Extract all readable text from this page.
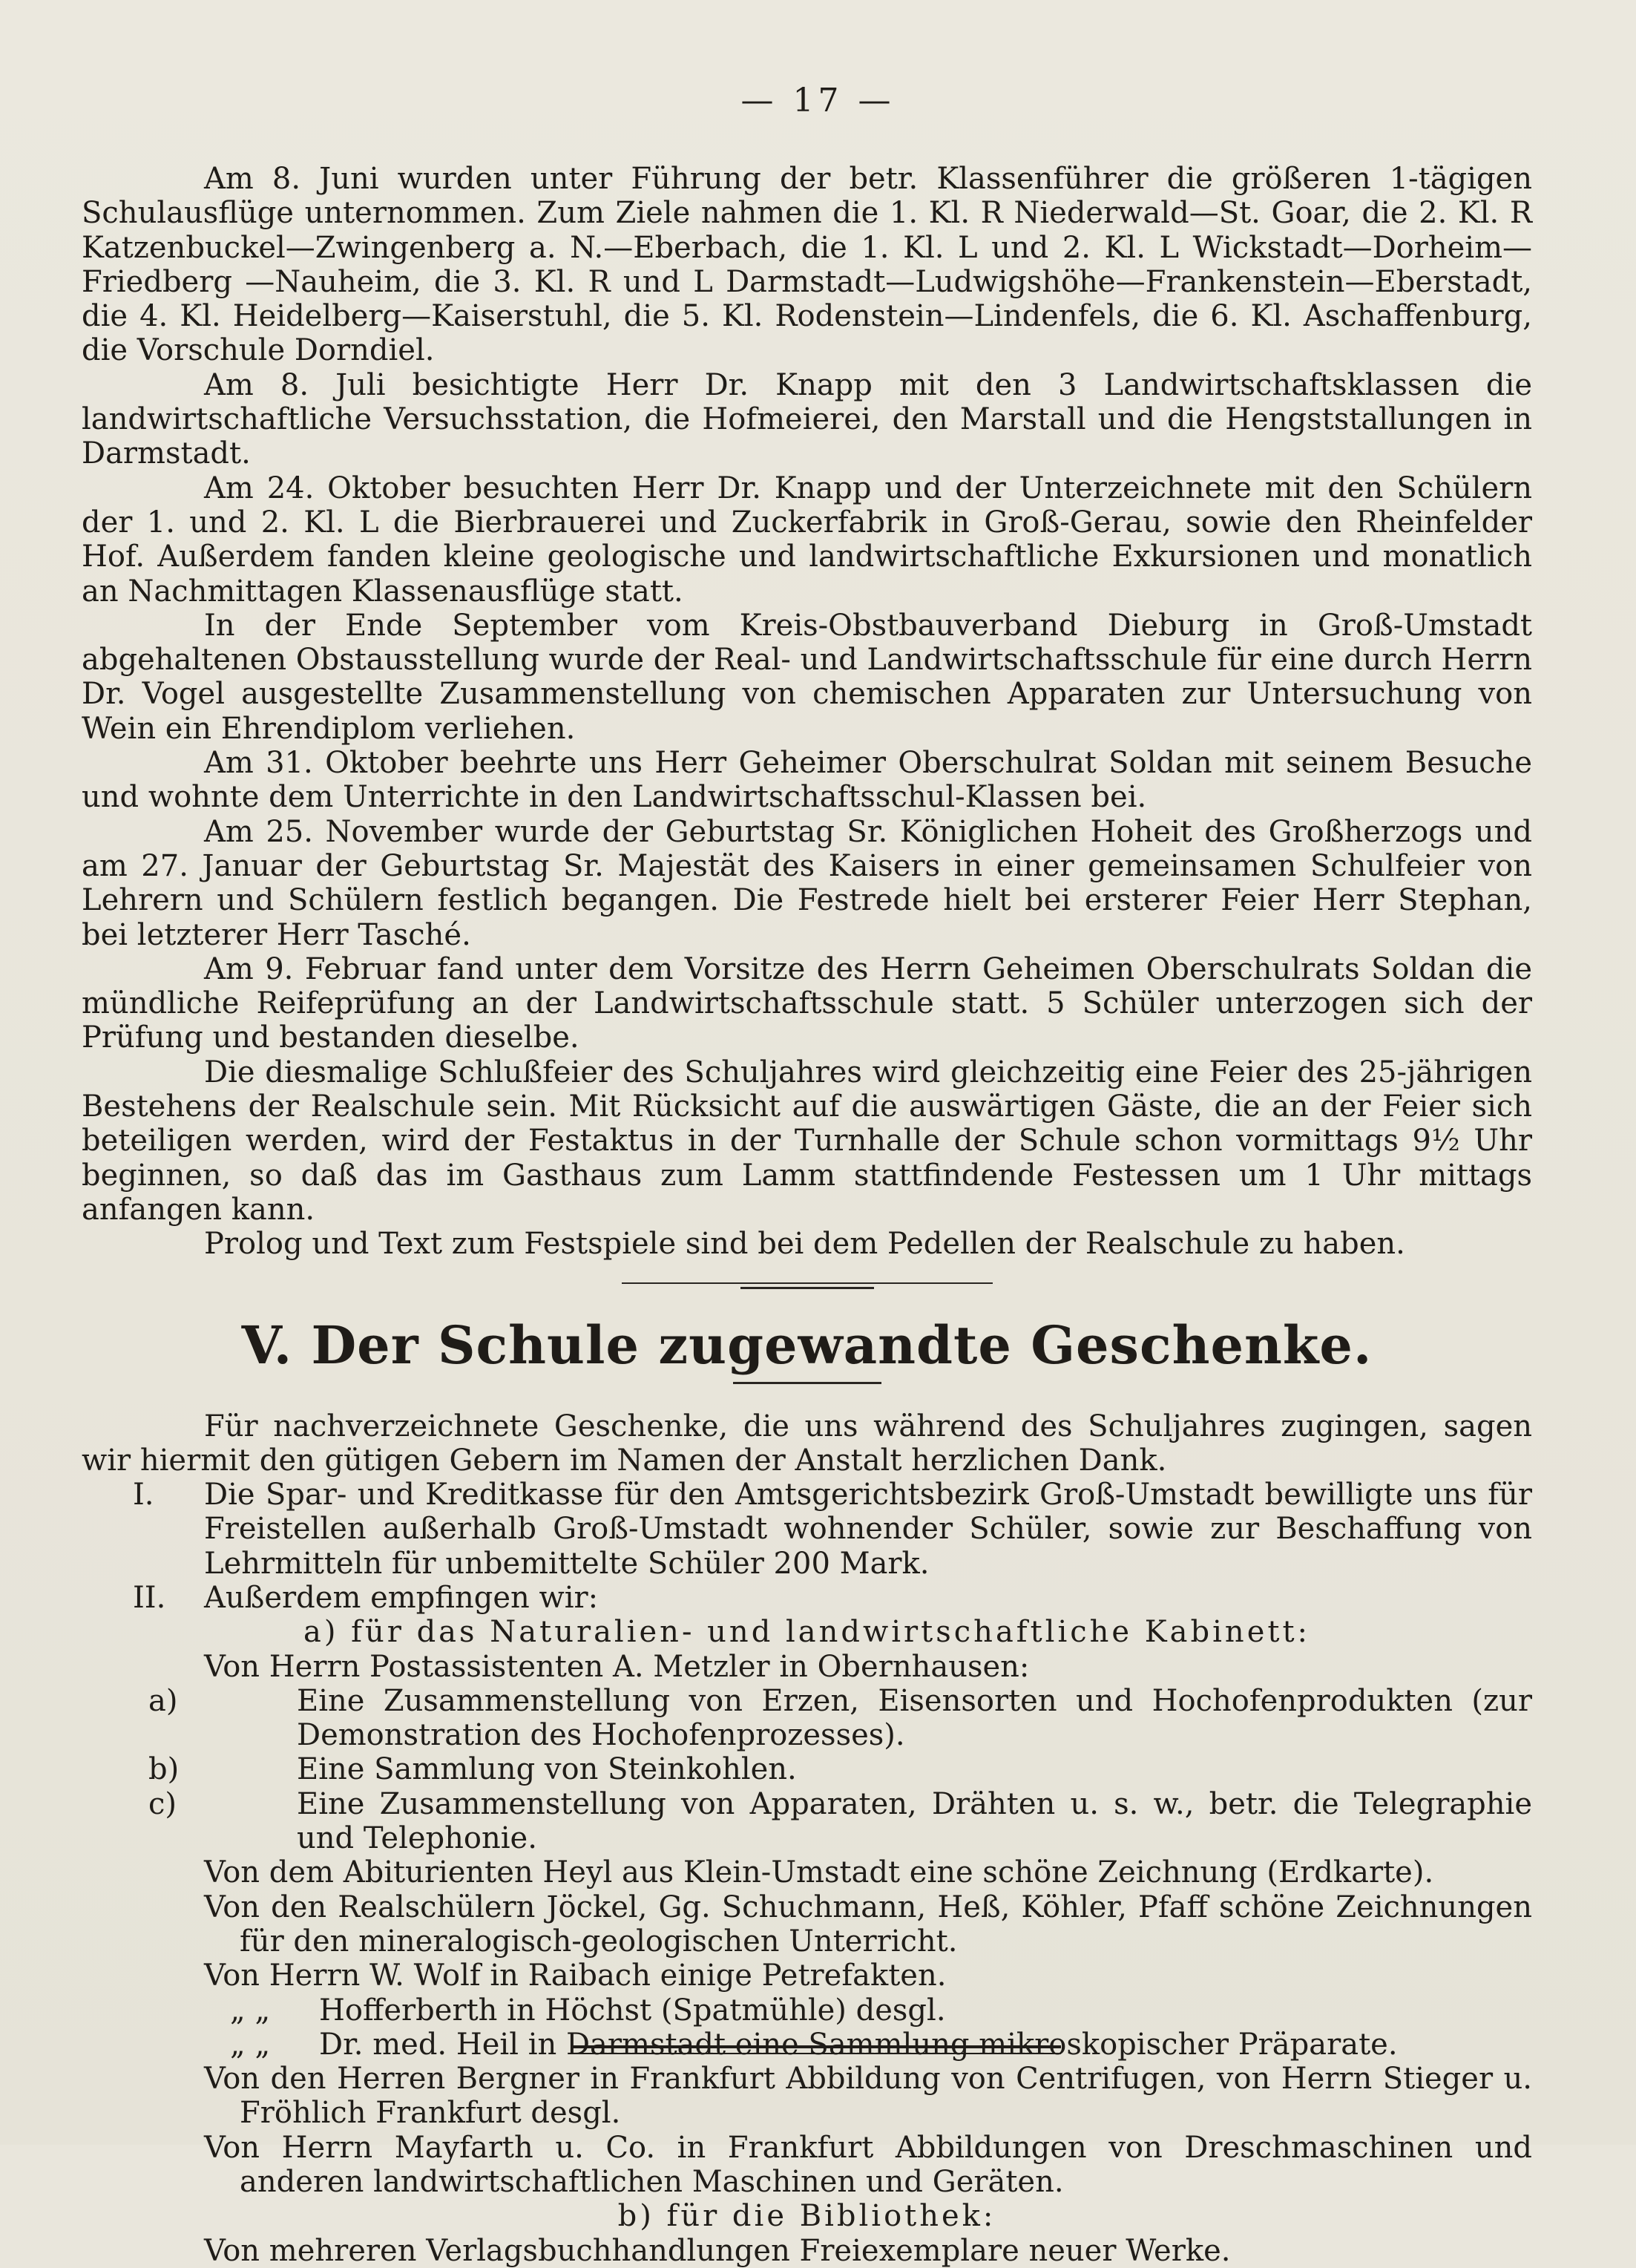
— 17 —

Am 8. Juni wurden unter Führung der betr. Klassenführer die größeren 1-tägigen Schulausflüge unternommen. Zum Ziele nahmen die 1. Kl. R Niederwald—St. Goar, die 2. Kl. R Katzenbuckel—Zwingenberg a. N.—Eberbach, die 1. Kl. L und 2. Kl. L Wickstadt—Dorheim—Friedberg —Nauheim, die 3. Kl. R und L Darmstadt—Ludwigshöhe—Frankenstein—Eberstadt, die 4. Kl. Heidelberg—Kaiserstuhl, die 5. Kl. Rodenstein—Lindenfels, die 6. Kl. Aschaffenburg, die Vorschule Dorndiel.

Am 8. Juli besichtigte Herr Dr. Knapp mit den 3 Landwirtschaftsklassen die landwirtschaftliche Versuchsstation, die Hofmeierei, den Marstall und die Hengststallungen in Darmstadt.

Am 24. Oktober besuchten Herr Dr. Knapp und der Unterzeichnete mit den Schülern der 1. und 2. Kl. L die Bierbrauerei und Zuckerfabrik in Groß-Gerau, sowie den Rheinfelder Hof. Außerdem fanden kleine geologische und landwirtschaftliche Exkursionen und monatlich an Nachmittagen Klassenausflüge statt.

In der Ende September vom Kreis-Obstbauverband Dieburg in Groß-Umstadt abgehaltenen Obstausstellung wurde der Real- und Landwirtschaftsschule für eine durch Herrn Dr. Vogel ausgestellte Zusammenstellung von chemischen Apparaten zur Untersuchung von Wein ein Ehrendiplom verliehen.

Am 31. Oktober beehrte uns Herr Geheimer Oberschulrat Soldan mit seinem Besuche und wohnte dem Unterrichte in den Landwirtschaftsschul-Klassen bei.

Am 25. November wurde der Geburtstag Sr. Königlichen Hoheit des Großherzogs und am 27. Januar der Geburtstag Sr. Majestät des Kaisers in einer gemeinsamen Schulfeier von Lehrern und Schülern festlich begangen. Die Festrede hielt bei ersterer Feier Herr Stephan, bei letzterer Herr Tasché.

Am 9. Februar fand unter dem Vorsitze des Herrn Geheimen Oberschulrats Soldan die mündliche Reifeprüfung an der Landwirtschaftsschule statt. 5 Schüler unterzogen sich der Prüfung und bestanden dieselbe.

Die diesmalige Schlußfeier des Schuljahres wird gleichzeitig eine Feier des 25-jährigen Bestehens der Realschule sein. Mit Rücksicht auf die auswärtigen Gäste, die an der Feier sich beteiligen werden, wird der Festaktus in der Turnhalle der Schule schon vormittags 9½ Uhr beginnen, so daß das im Gasthaus zum Lamm stattfindende Festessen um 1 Uhr mittags anfangen kann.

Prolog und Text zum Festspiele sind bei dem Pedellen der Realschule zu haben.

V. Der Schule zugewandte Geschenke.

Für nachverzeichnete Geschenke, die uns während des Schuljahres zugingen, sagen wir hiermit den gütigen Gebern im Namen der Anstalt herzlichen Dank.

I. Die Spar- und Kreditkasse für den Amtsgerichtsbezirk Groß-Umstadt bewilligte uns für Freistellen außerhalb Groß-Umstadt wohnender Schüler, sowie zur Beschaffung von Lehrmitteln für unbemittelte Schüler 200 Mark.

II. Außerdem empfingen wir:

a) für das Naturalien- und landwirtschaftliche Kabinett:

Von Herrn Postassistenten A. Metzler in Obernhausen:

a)	Eine Zusammenstellung von Erzen, Eisensorten und Hochofenprodukten (zur Demonstration des Hochofenprozesses).

b)	Eine Sammlung von Steinkohlen.

c)	Eine Zusammenstellung von Apparaten, Drähten u. s. w., betr. die Telegraphie und Telephonie.

Von dem Abiturienten Heyl aus Klein-Umstadt eine schöne Zeichnung (Erdkarte).

Von den Realschülern Jöckel, Gg. Schuchmann, Heß, Köhler, Pfaff schöne Zeichnungen für den mineralogisch-geologischen Unterricht.

Von Herrn W. Wolf in Raibach einige Petrefakten.

„ „ Hofferberth in Höchst (Spatmühle) desgl.

„ „ Dr. med. Heil in Darmstadt eine Sammlung mikroskopischer Präparate.

Von den Herren Bergner in Frankfurt Abbildung von Centrifugen, von Herrn Stieger u. Fröhlich Frankfurt desgl.

Von Herrn Mayfarth u. Co. in Frankfurt Abbildungen von Dreschmaschinen und anderen landwirtschaftlichen Maschinen und Geräten.

b) für die Bibliothek:

Von mehreren Verlagsbuchhandlungen Freiexemplare neuer Werke.
